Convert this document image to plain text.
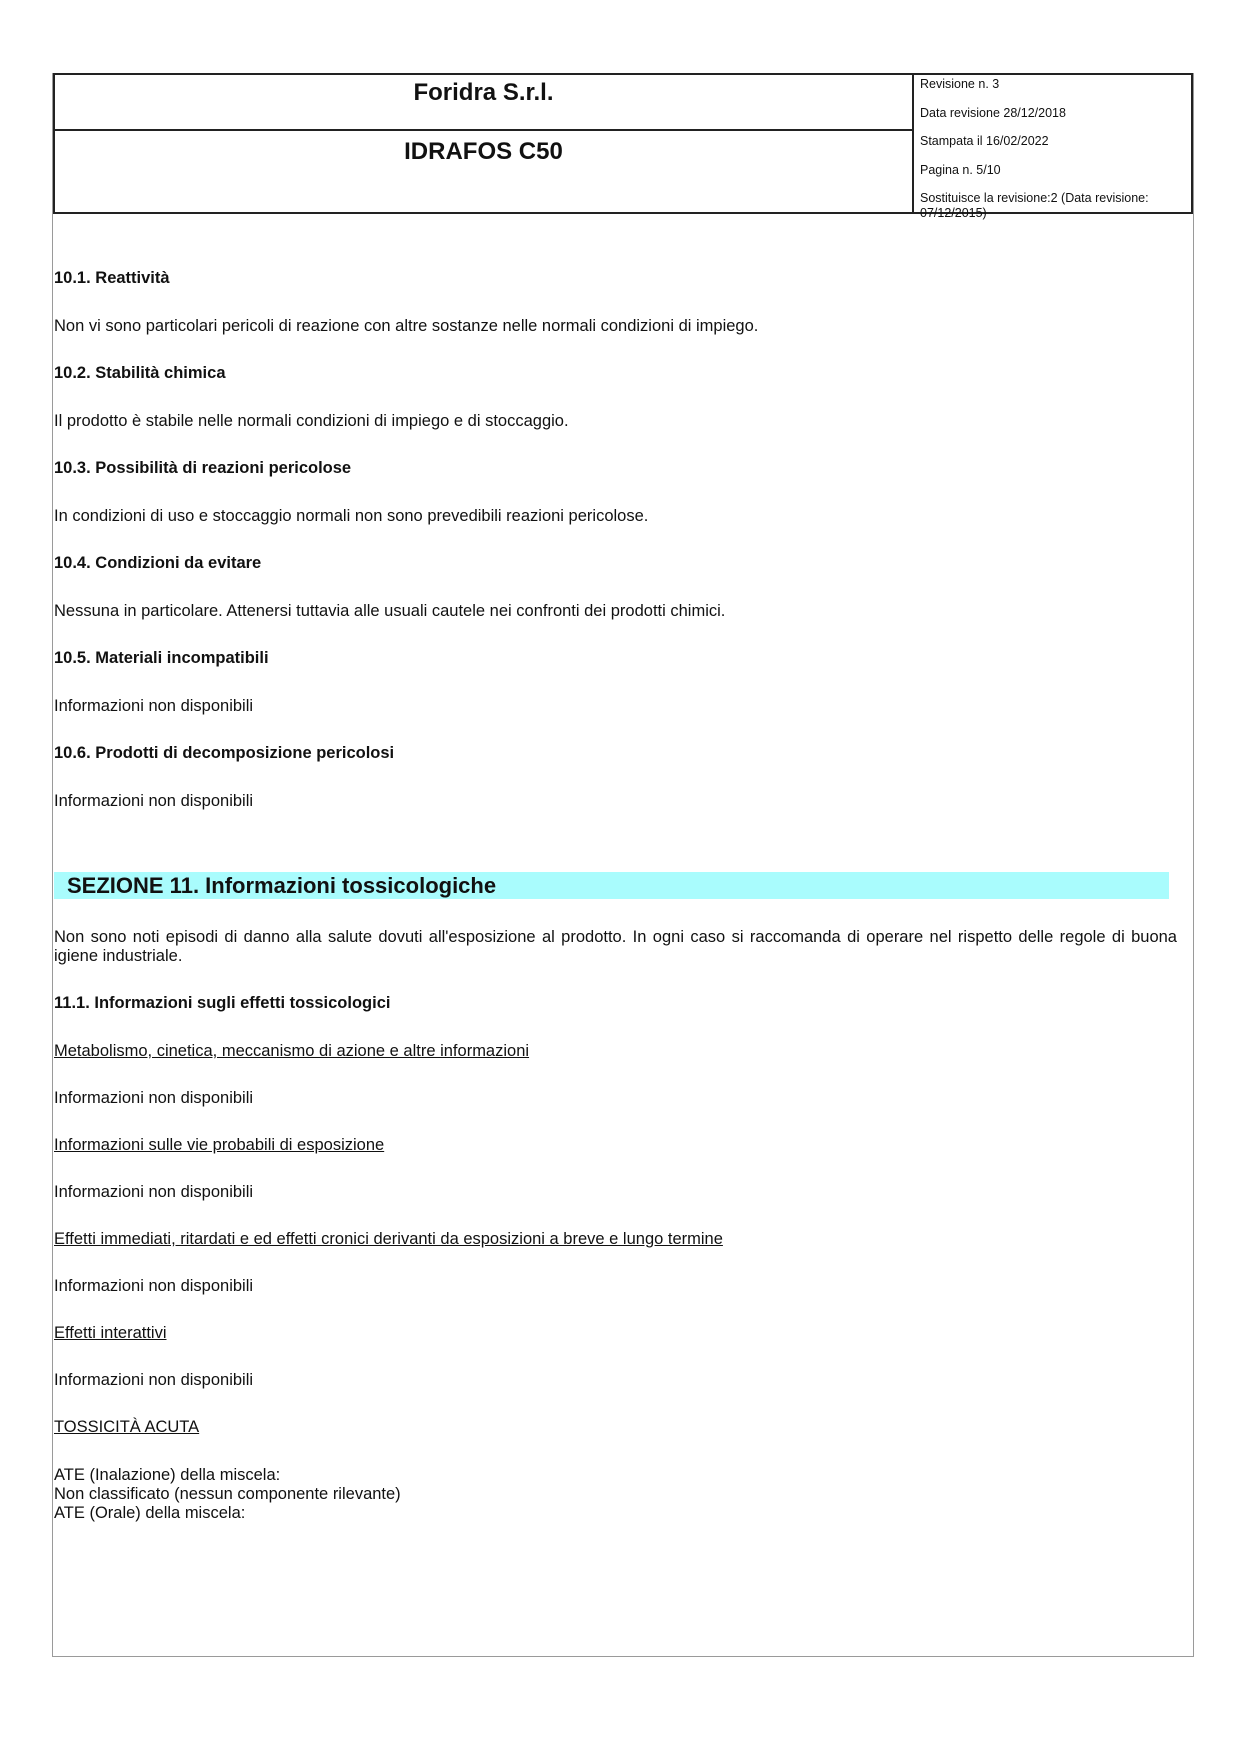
Foridra S.r.l.
IDRAFOS C50
Revisione n. 3
Data revisione 28/12/2018
Stampata il 16/02/2022
Pagina n. 5/10
Sostituisce la revisione:2 (Data revisione: 07/12/2015)
10.1. Reattività
Non vi sono particolari pericoli di reazione con altre sostanze nelle normali condizioni di impiego.
10.2. Stabilità chimica
Il prodotto è stabile nelle normali condizioni di impiego e di stoccaggio.
10.3. Possibilità di reazioni pericolose
In condizioni di uso e stoccaggio normali non sono prevedibili reazioni pericolose.
10.4. Condizioni da evitare
Nessuna in particolare. Attenersi tuttavia alle usuali cautele nei confronti dei prodotti chimici.
10.5. Materiali incompatibili
Informazioni non disponibili
10.6. Prodotti di decomposizione pericolosi
Informazioni non disponibili
SEZIONE 11. Informazioni tossicologiche
Non sono noti episodi di danno alla salute dovuti all'esposizione al prodotto. In ogni caso si raccomanda di operare nel rispetto delle regole di buona igiene industriale.
11.1. Informazioni sugli effetti tossicologici
Metabolismo, cinetica, meccanismo di azione e altre informazioni
Informazioni non disponibili
Informazioni sulle vie probabili di esposizione
Informazioni non disponibili
Effetti immediati, ritardati e ed effetti cronici derivanti da esposizioni a breve e lungo termine
Informazioni non disponibili
Effetti interattivi
Informazioni non disponibili
TOSSICITÀ ACUTA
ATE (Inalazione) della miscela:
Non classificato (nessun componente rilevante)
ATE (Orale) della miscela:
